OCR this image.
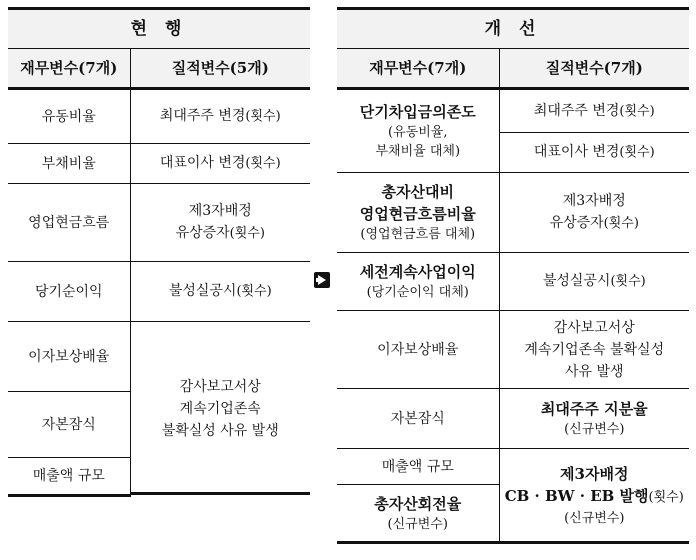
현 행	
재무변수(7개)	질적변수(5개)
유동비율	최대주주 변경(횟수)
부채비율	대표이사 변경(횟수)
영업현금흐름	제3자배정
유상증자(횟수)
당기순이익	불성실공시(횟수)
이자보상배율	감사보고서상
계속기업존속
불확실성 사유 발생

자본잠식	
매출액 규모	
개 선	
재무변수(7개)	질적변수(7개)

단기차입금의존도
(유동비율,
부채비율 대체)	최대주주 변경(횟수)
	대표이사 변경(횟수)

총자산대비
영업현금흐름비율
(영업현금흐름 대체)	제3자배정
유상증자(횟수)

세전계속사업이익
(당기순이익 대체)	불성실공시(횟수)
이자보상배율	감사보고서상
계속기업존속 불확실성
사유 발생

자본잠식	최대주주 지분율
(신규변수)

매출액 규모	제3자배정
CB · BW · EB 발행(횟수)
(신규변수)

총자산회전율
(신규변수)	
